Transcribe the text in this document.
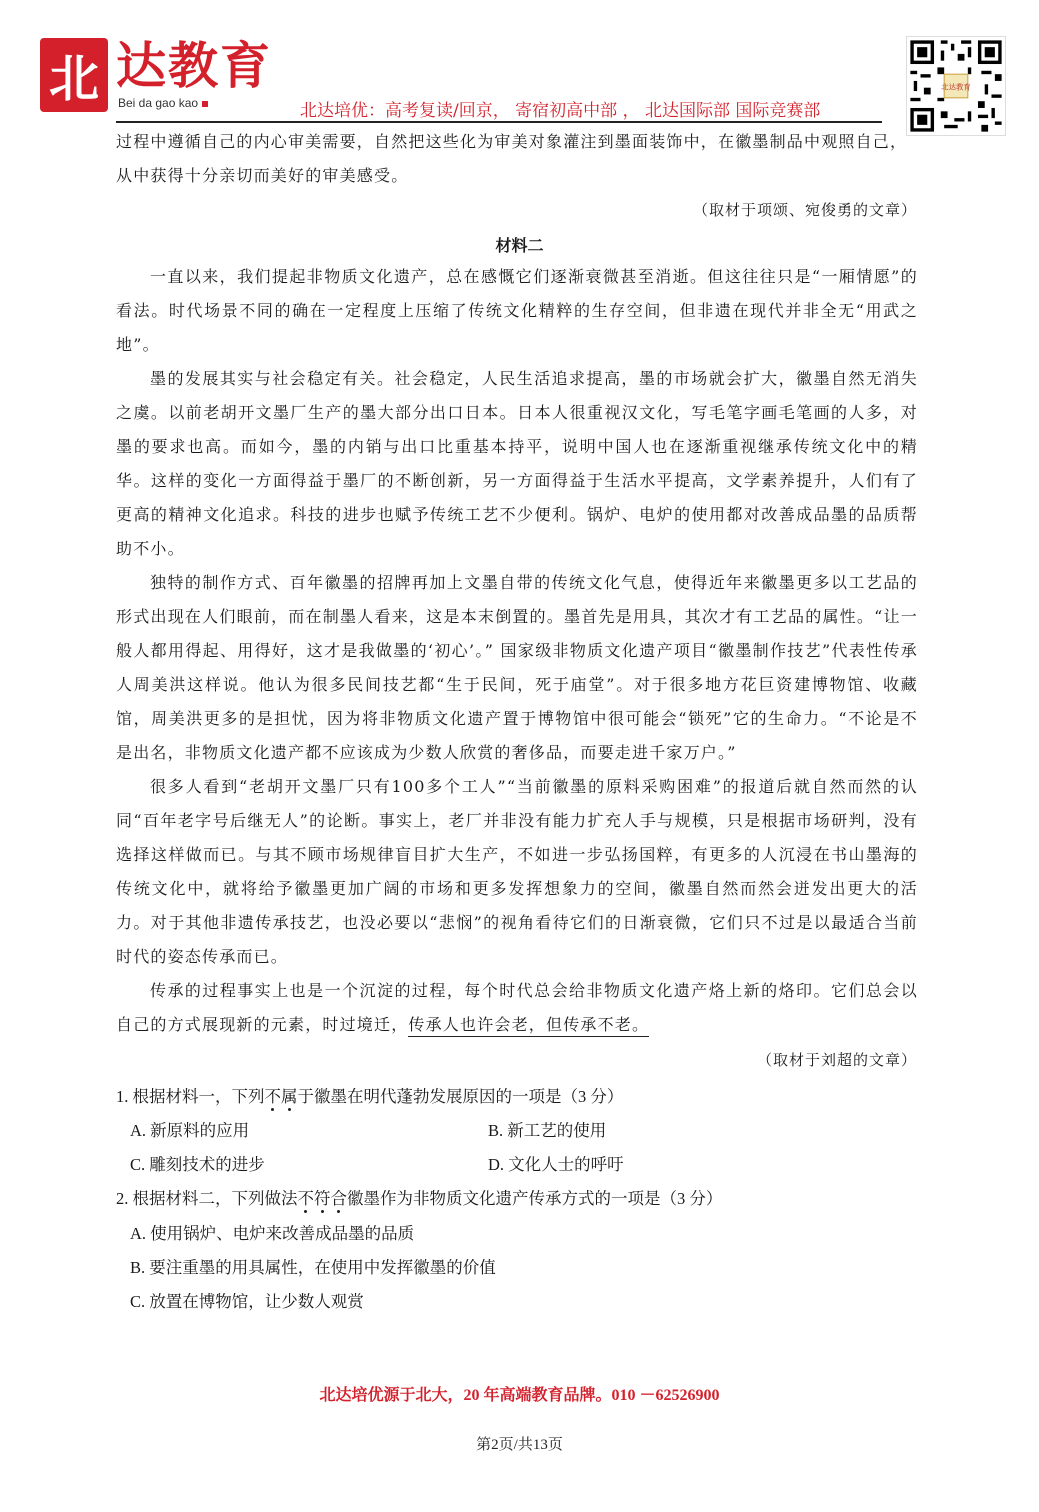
北 达教育
Bei da gao kao	北达培优：高考复读/回京， 寄宿初高中部 ， 北达国际部 国际竞赛部
北达教育
过程中遵循自己的内心审美需要，自然把这些化为审美对象灌注到墨面装饰中，在徽墨制品中观照自己，
从中获得十分亲切而美好的审美感受。
（取材于项颂、宛俊勇的文章）
材料二
一直以来，我们提起非物质文化遗产，总在感慨它们逐渐衰微甚至消逝。但这往往只是“一厢情愿”的看法。时代场景不同的确在一定程度上压缩了传统文化精粹的生存空间，但非遗在现代并非全无“用武之地”。
墨的发展其实与社会稳定有关。社会稳定，人民生活追求提高，墨的市场就会扩大，徽墨自然无消失之虞。以前老胡开文墨厂生产的墨大部分出口日本。日本人很重视汉文化，写毛笔字画毛笔画的人多，对墨的要求也高。而如今，墨的内销与出口比重基本持平，说明中国人也在逐渐重视继承传统文化中的精华。这样的变化一方面得益于墨厂的不断创新，另一方面得益于生活水平提高，文学素养提升，人们有了更高的精神文化追求。科技的进步也赋予传统工艺不少便利。锅炉、电炉的使用都对改善成品墨的品质帮助不小。
独特的制作方式、百年徽墨的招牌再加上文墨自带的传统文化气息，使得近年来徽墨更多以工艺品的形式出现在人们眼前，而在制墨人看来，这是本末倒置的。墨首先是用具，其次才有工艺品的属性。“让一般人都用得起、用得好，这才是我做墨的‘初心’。” 国家级非物质文化遗产项目“徽墨制作技艺”代表性传承人周美洪这样说。他认为很多民间技艺都“生于民间，死于庙堂”。对于很多地方花巨资建博物馆、收藏馆，周美洪更多的是担忧，因为将非物质文化遗产置于博物馆中很可能会“锁死”它的生命力。“不论是不是出名，非物质文化遗产都不应该成为少数人欣赏的奢侈品，而要走进千家万户。”
很多人看到“老胡开文墨厂只有100多个工人”“当前徽墨的原料采购困难”的报道后就自然而然的认同“百年老字号后继无人”的论断。事实上，老厂并非没有能力扩充人手与规模，只是根据市场研判，没有选择这样做而已。与其不顾市场规律盲目扩大生产，不如进一步弘扬国粹，有更多的人沉浸在书山墨海的传统文化中，就将给予徽墨更加广阔的市场和更多发挥想象力的空间，徽墨自然而然会迸发出更大的活力。对于其他非遗传承技艺，也没必要以“悲悯”的视角看待它们的日渐衰微，它们只不过是以最适合当前时代的姿态传承而已。
传承的过程事实上也是一个沉淀的过程，每个时代总会给非物质文化遗产烙上新的烙印。它们总会以自己的方式展现新的元素，时过境迁，传承人也许会老，但传承不老。
（取材于刘超的文章）
1. 根据材料一，下列不属于徽墨在明代蓬勃发展原因的一项是（3 分）
A. 新原料的应用	B. 新工艺的使用
C. 雕刻技术的进步	D. 文化人士的呼吁
2. 根据材料二，下列做法不符合徽墨作为非物质文化遗产传承方式的一项是（3 分）
A. 使用锅炉、电炉来改善成品墨的品质
B. 要注重墨的用具属性，在使用中发挥徽墨的价值
C. 放置在博物馆，让少数人观赏
北达培优源于北大，20 年高端教育品牌。010 －62526900
第2页/共13页
